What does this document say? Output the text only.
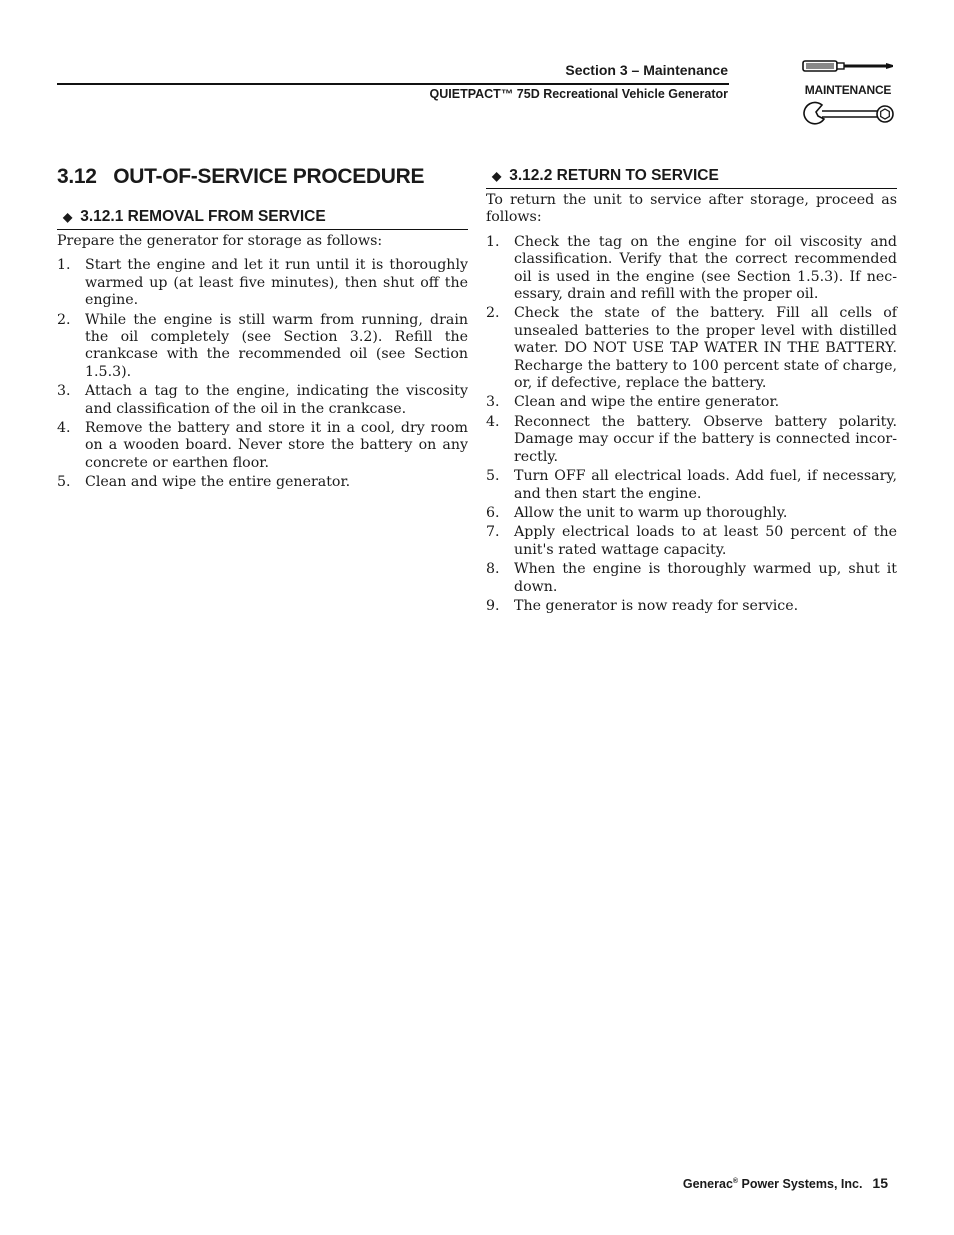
Section 3 – Maintenance
QUIETPACT™ 75D Recreational Vehicle Generator	MAINTENANCE
3.12   OUT-OF-SERVICE PROCEDURE
◆ 3.12.1 REMOVAL FROM SERVICE

Prepare the generator for storage as follows:

1. Start the engine and let it run until it is thoroughly warmed up (at least five minutes), then shut off the engine.
2. While the engine is still warm from running, drain the oil completely (see Section 3.2). Refill the crankcase with the recommended oil (see Section 1.5.3).
3. Attach a tag to the engine, indicating the viscosity and classification of the oil in the crankcase.
4. Remove the battery and store it in a cool, dry room on a wooden board. Never store the battery on any concrete or earthen floor.
5. Clean and wipe the entire generator.
◆ 3.12.2 RETURN TO SERVICE

To return the unit to service after storage, proceed as follows:

1. Check the tag on the engine for oil viscosity and classification. Verify that the correct recommended oil is used in the engine (see Section 1.5.3). If nec-essary, drain and refill with the proper oil.
2. Check the state of the battery. Fill all cells of unsealed batteries to the proper level with distilled water. DO NOT USE TAP WATER IN THE BATTERY. Recharge the battery to 100 percent state of charge, or, if defective, replace the battery.
3. Clean and wipe the entire generator.
4. Reconnect the battery. Observe battery polarity. Damage may occur if the battery is connected incor-rectly.
5. Turn OFF all electrical loads. Add fuel, if necessary, and then start the engine.
6. Allow the unit to warm up thoroughly.
7. Apply electrical loads to at least 50 percent of the unit's rated wattage capacity.
8. When the engine is thoroughly warmed up, shut it down.
9. The generator is now ready for service.
Generac® Power Systems, Inc. 15
